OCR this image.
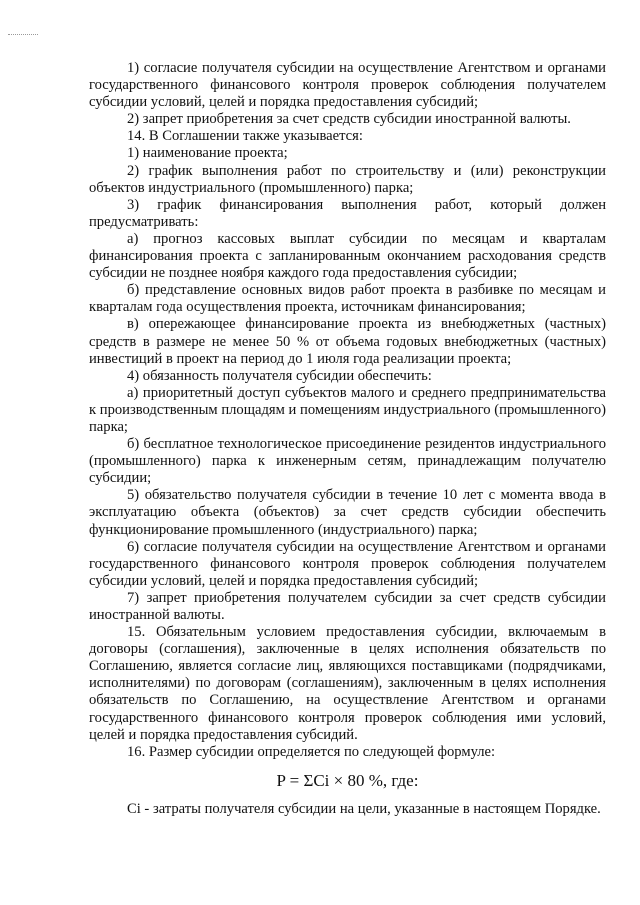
1) согласие получателя субсидии на осуществление Агентством и органами государственного финансового контроля проверок соблюдения получателем субсидии условий, целей и порядка предоставления субсидий;

2) запрет приобретения за счет средств субсидии иностранной валюты.

14. В Соглашении также указывается:

1) наименование проекта;

2) график выполнения работ по строительству и (или) реконструкции объектов индустриального (промышленного) парка;

3) график финансирования выполнения работ, который должен предусматривать:

а) прогноз кассовых выплат субсидии по месяцам и кварталам финансирования проекта с запланированным окончанием расходования средств субсидии не позднее ноября каждого года предоставления субсидии;

б) представление основных видов работ проекта в разбивке по месяцам и кварталам года осуществления проекта, источникам финансирования;

в) опережающее финансирование проекта из внебюджетных (частных) средств в размере не менее 50 % от объема годовых внебюджетных (частных) инвестиций в проект на период до 1 июля года реализации проекта;

4) обязанность получателя субсидии обеспечить:

а) приоритетный доступ субъектов малого и среднего предпринимательства к производственным площадям и помещениям индустриального (промышленного) парка;

б) бесплатное технологическое присоединение резидентов индустриального (промышленного) парка к инженерным сетям, принадлежащим получателю субсидии;

5) обязательство получателя субсидии в течение 10 лет с момента ввода в эксплуатацию объекта (объектов) за счет средств субсидии обеспечить функционирование промышленного (индустриального) парка;

6) согласие получателя субсидии на осуществление Агентством и органами государственного финансового контроля проверок соблюдения получателем субсидии условий, целей и порядка предоставления субсидий;

7) запрет приобретения получателем субсидии за счет средств субсидии иностранной валюты.

15. Обязательным условием предоставления субсидии, включаемым в договоры (соглашения), заключенные в целях исполнения обязательств по Соглашению, является согласие лиц, являющихся поставщиками (подрядчиками, исполнителями) по договорам (соглашениям), заключенным в целях исполнения обязательств по Соглашению, на осуществление Агентством и органами государственного финансового контроля проверок соблюдения ими условий, целей и порядка предоставления субсидий.

16. Размер субсидии определяется по следующей формуле:

P = ΣCi × 80 %, где:

Ci - затраты получателя субсидии на цели, указанные в настоящем Порядке.
